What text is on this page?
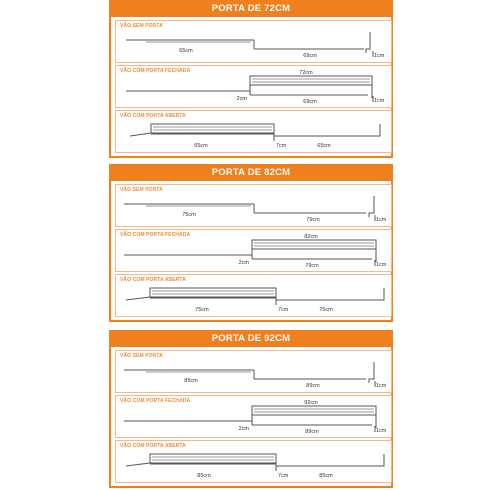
PORTA DE 72CM
VÃO SEM PORTA
65cm
69cm	1cm
VÃO COM PORTA FECHADA	72cm
2cm	69cm	1cm
VÃO COM PORTA ABERTA
65cm	7cm	65cm
PORTA DE 82CM
VÃO SEM PORTA
75cm
79cm	1cm
VÃO COM PORTA FECHADA	82cm
2cm	79cm	1cm
VÃO COM PORTA ABERTA
75cm	7cm	75cm
PORTA DE 92CM
VÃO SEM PORTA
85cm
89cm	1cm
VÃO COM PORTA FECHADA	92cm
2cm	89cm	1cm
VÃO COM PORTA ABERTA
85cm	7cm	85cm
